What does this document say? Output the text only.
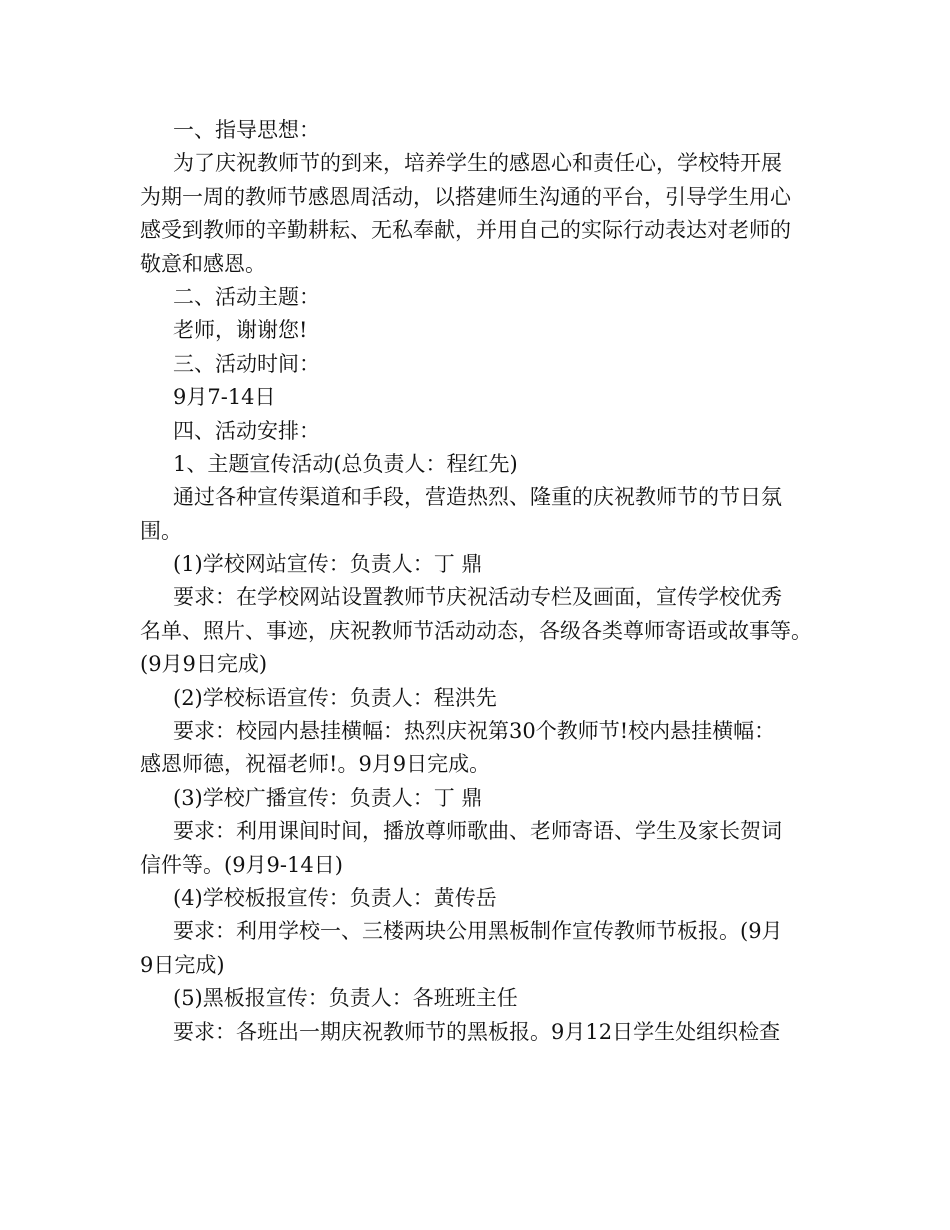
一、指导思想：
为了庆祝教师节的到来，培养学生的感恩心和责任心，学校特开展
为期一周的教师节感恩周活动，以搭建师生沟通的平台，引导学生用心
感受到教师的辛勤耕耘、无私奉献，并用自己的实际行动表达对老师的
敬意和感恩。
二、活动主题：
老师，谢谢您!
三、活动时间：
9月7-14日
四、活动安排：
1、主题宣传活动(总负责人：程红先)
通过各种宣传渠道和手段，营造热烈、隆重的庆祝教师节的节日氛
围。
(1)学校网站宣传：负责人：丁 鼎
要求：在学校网站设置教师节庆祝活动专栏及画面，宣传学校优秀
名单、照片、事迹，庆祝教师节活动动态，各级各类尊师寄语或故事等。
(9月9日完成)
(2)学校标语宣传：负责人：程洪先
要求：校园内悬挂横幅：热烈庆祝第30个教师节!校内悬挂横幅：
感恩师德，祝福老师!。9月9日完成。
(3)学校广播宣传：负责人：丁 鼎
要求：利用课间时间，播放尊师歌曲、老师寄语、学生及家长贺词
信件等。(9月9-14日)
(4)学校板报宣传：负责人：黄传岳
要求：利用学校一、三楼两块公用黑板制作宣传教师节板报。(9月
9日完成)
(5)黑板报宣传：负责人：各班班主任
要求：各班出一期庆祝教师节的黑板报。9月12日学生处组织检查
